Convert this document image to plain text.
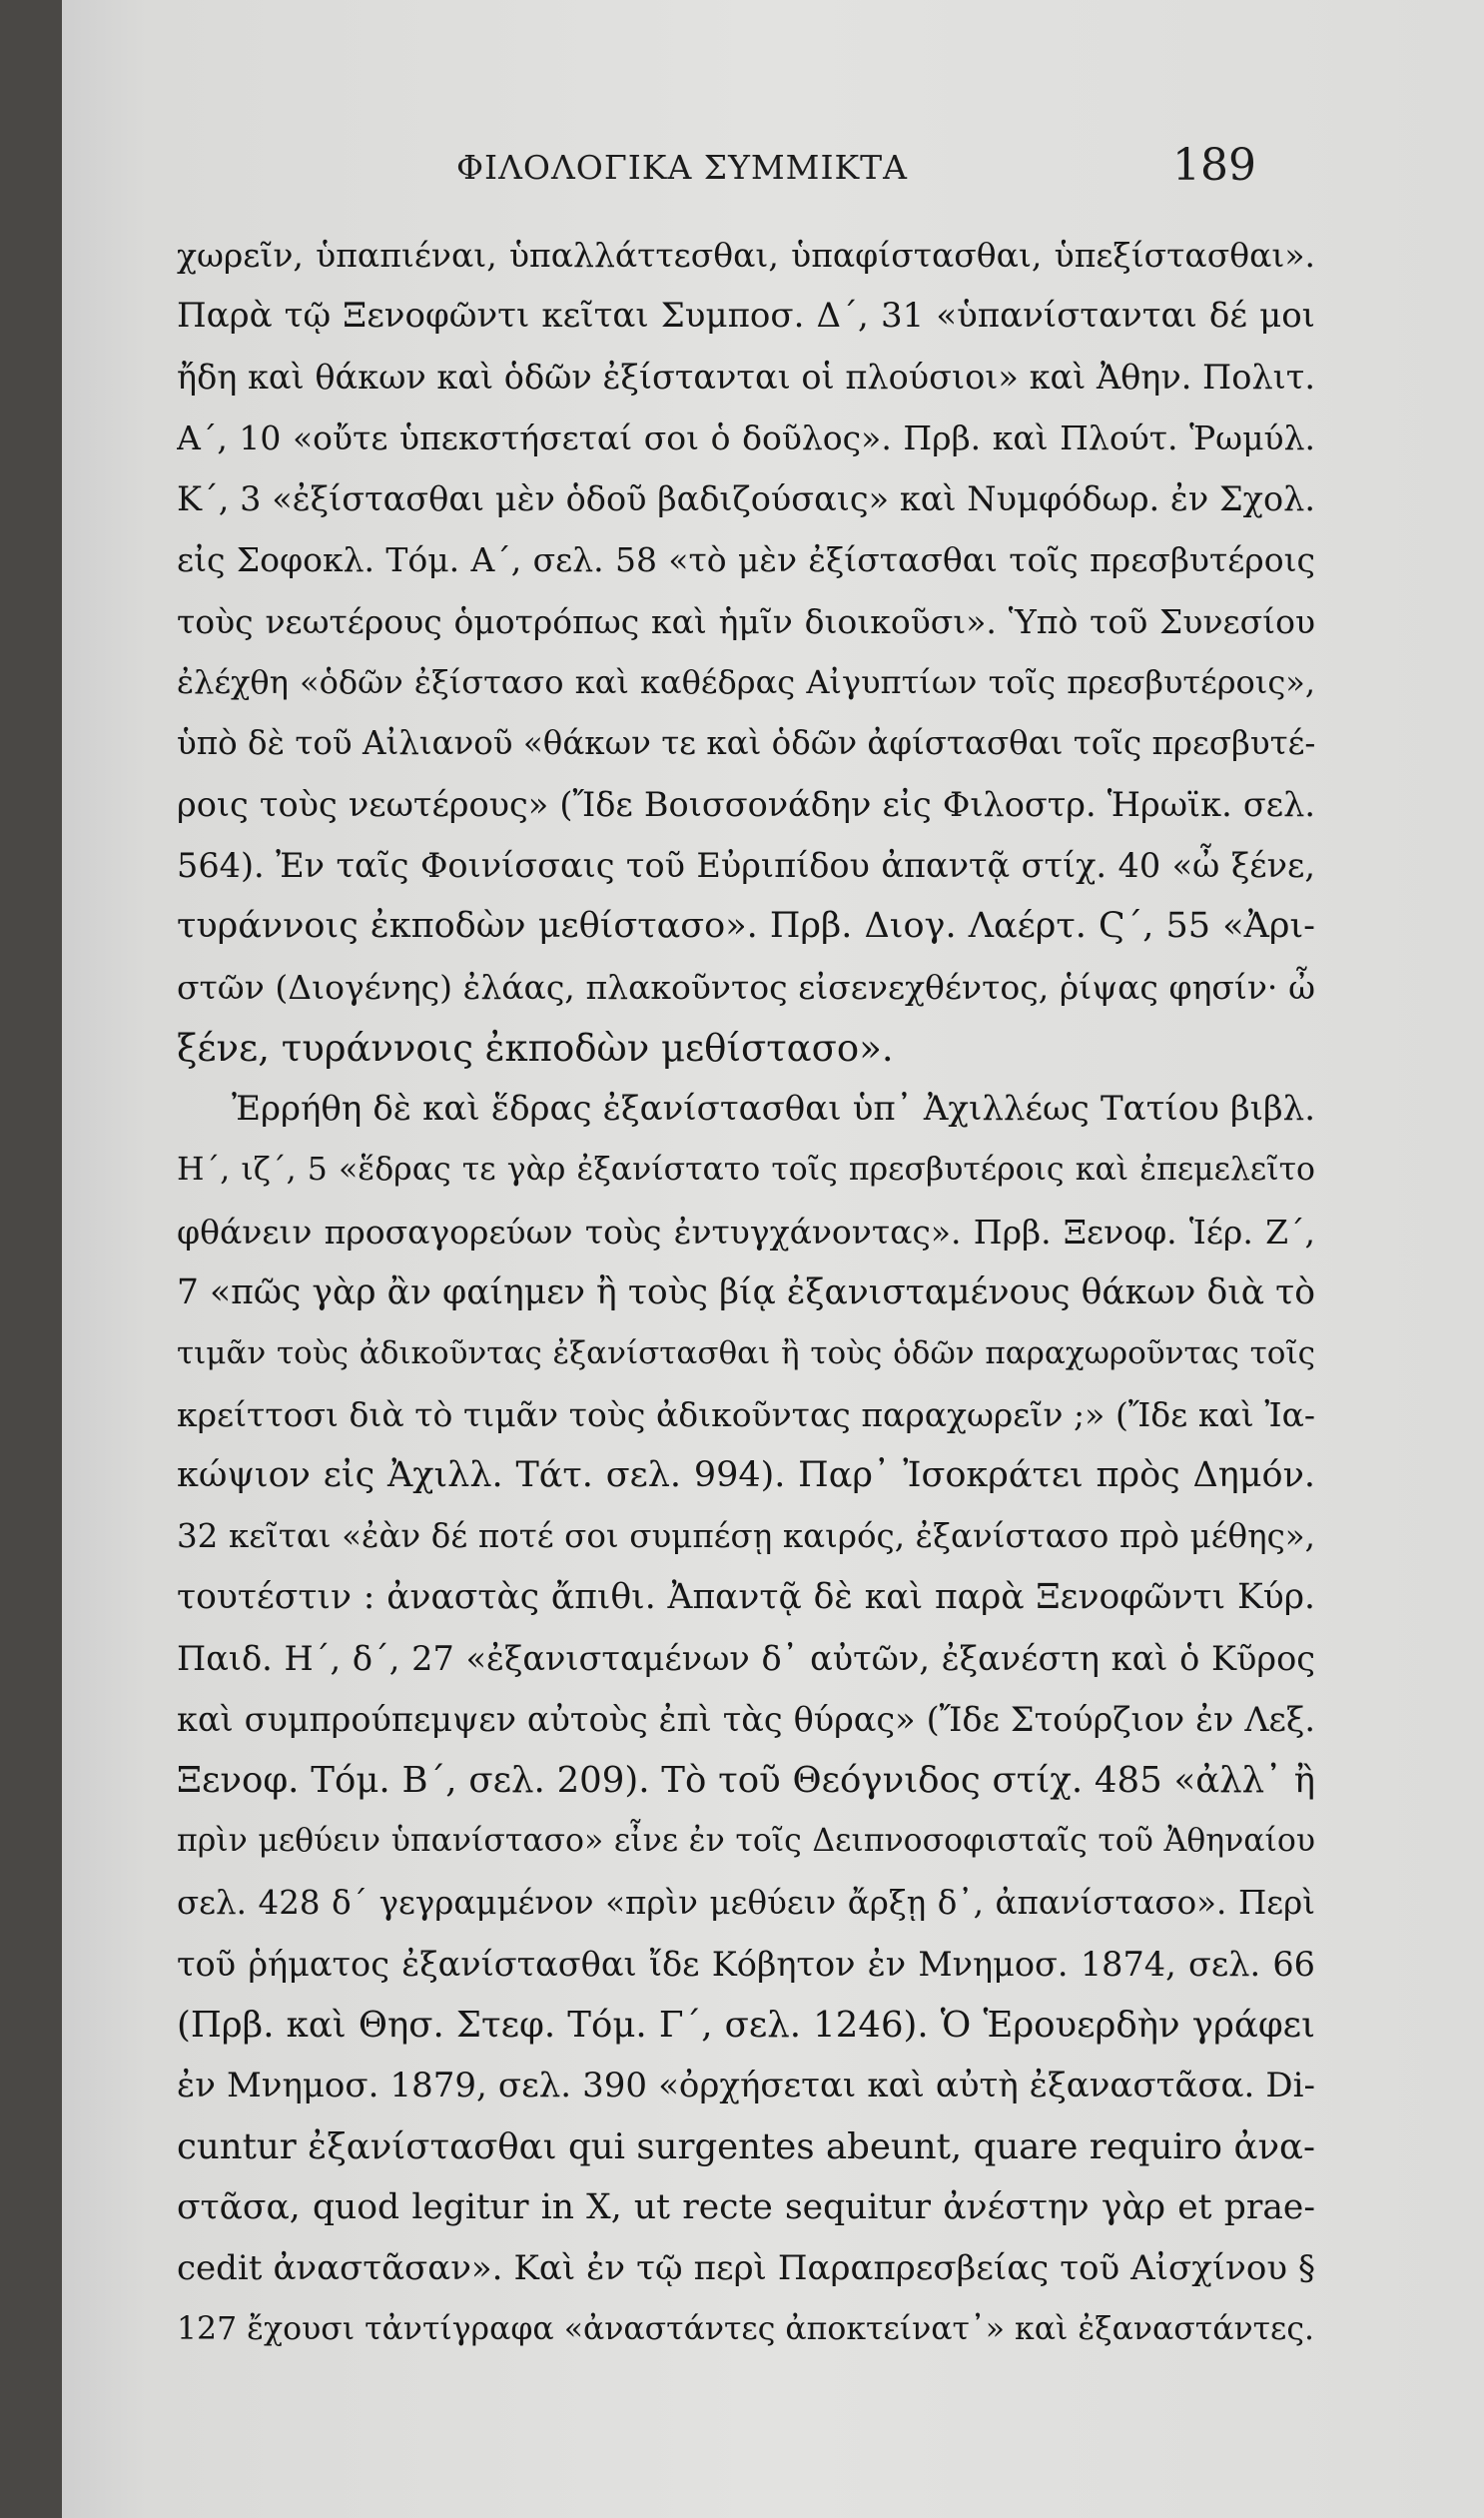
ΦΙΛΟΛΟΓΙΚΑ ΣΥΜΜΙΚΤΑ	189
χωρεῖν, ὑπαπιέναι, ὑπαλλάττεσθαι, ὑπαφίστασθαι, ὑπεξίστασθαι».
Παρὰ τῷ Ξενοφῶντι κεῖται Συμποσ. Δ΄, 31 «ὑπανίστανται δέ μοι
ἤδη καὶ θάκων καὶ ὁδῶν ἐξίστανται οἱ πλούσιοι» καὶ Ἀθην. Πολιτ.
Α΄, 10 «οὔτε ὑπεκστήσεταί σοι ὁ δοῦλος». Πρβ. καὶ Πλούτ. Ῥωμύλ.
Κ΄, 3 «ἐξίστασθαι μὲν ὁδοῦ βαδιζούσαις» καὶ Νυμφόδωρ. ἐν Σχολ.
εἰς Σοφοκλ. Τόμ. Α΄, σελ. 58 «τὸ μὲν ἐξίστασθαι τοῖς πρεσβυτέροις
τοὺς νεωτέρους ὁμοτρόπως καὶ ἡμῖν διοικοῦσι». Ὑπὸ τοῦ Συνεσίου
ἐλέχθη «ὁδῶν ἐξίστασο καὶ καθέδρας Αἰγυπτίων τοῖς πρεσβυτέροις»,
ὑπὸ δὲ τοῦ Αἰλιανοῦ «θάκων τε καὶ ὁδῶν ἀφίστασθαι τοῖς πρεσβυτέ-
ροις τοὺς νεωτέρους» (Ἴδε Βοισσονάδην εἰς Φιλοστρ. Ἡρωϊκ. σελ.
564). Ἐν ταῖς Φοινίσσαις τοῦ Εὐριπίδου ἀπαντᾷ στίχ. 40 «ὦ ξένε,
τυράννοις ἐκποδὼν μεθίστασο». Πρβ. Διογ. Λαέρτ. Ϛ΄, 55 «Ἀρι-
στῶν (Διογένης) ἐλάας, πλακοῦντος εἰσενεχθέντος, ῥίψας φησίν· ὦ
ξένε, τυράννοις ἐκποδὼν μεθίστασο».
Ἐρρήθη δὲ καὶ ἕδρας ἐξανίστασθαι ὑπ᾽ Ἀχιλλέως Τατίου βιβλ.
Η΄, ιζ΄, 5 «ἕδρας τε γὰρ ἐξανίστατο τοῖς πρεσβυτέροις καὶ ἐπεμελεῖτο
φθάνειν προσαγορεύων τοὺς ἐντυγχάνοντας». Πρβ. Ξενοφ. Ἱέρ. Ζ΄,
7 «πῶς γὰρ ἂν φαίημεν ἢ τοὺς βίᾳ ἐξανισταμένους θάκων διὰ τὸ
τιμᾶν τοὺς ἀδικοῦντας ἐξανίστασθαι ἢ τοὺς ὁδῶν παραχωροῦντας τοῖς
κρείττοσι διὰ τὸ τιμᾶν τοὺς ἀδικοῦντας παραχωρεῖν ;» (Ἴδε καὶ Ἰα-
κώψιον εἰς Ἀχιλλ. Τάτ. σελ. 994). Παρ᾽ Ἰσοκράτει πρὸς Δημόν.
32 κεῖται «ἐὰν δέ ποτέ σοι συμπέσῃ καιρός, ἐξανίστασο πρὸ μέθης»,
τουτέστιν : ἀναστὰς ἄπιθι. Ἀπαντᾷ δὲ καὶ παρὰ Ξενοφῶντι Κύρ.
Παιδ. Η΄, δ΄, 27 «ἐξανισταμένων δ᾽ αὐτῶν, ἐξανέστη καὶ ὁ Κῦρος
καὶ συμπρούπεμψεν αὐτοὺς ἐπὶ τὰς θύρας» (Ἴδε Στούρζιον ἐν Λεξ.
Ξενοφ. Τόμ. Β΄, σελ. 209). Τὸ τοῦ Θεόγνιδος στίχ. 485 «ἀλλ᾽ ἢ
πρὶν μεθύειν ὑπανίστασο» εἶνε ἐν τοῖς Δειπνοσοφισταῖς τοῦ Ἀθηναίου
σελ. 428 δ΄ γεγραμμένον «πρὶν μεθύειν ἄρξῃ δ᾽, ἀπανίστασο». Περὶ
τοῦ ῥήματος ἐξανίστασθαι ἴδε Κόβητον ἐν Μνημοσ. 1874, σελ. 66
(Πρβ. καὶ Θησ. Στεφ. Τόμ. Γ΄, σελ. 1246). Ὁ Ἑρουερδὴν γράφει
ἐν Μνημοσ. 1879, σελ. 390 «ὀρχήσεται καὶ αὐτὴ ἐξαναστᾶσα. Di-
cuntur ἐξανίστασθαι qui surgentes abeunt, quare requiro ἀνα-
στᾶσα, quod legitur in X, ut recte sequitur ἀνέστην γὰρ et prae-
cedit ἀναστᾶσαν». Καὶ ἐν τῷ περὶ Παραπρεσβείας τοῦ Αἰσχίνου §
127 ἔχουσι τἀντίγραφα «ἀναστάντες ἀποκτείνατ᾽» καὶ ἐξαναστάντες.
